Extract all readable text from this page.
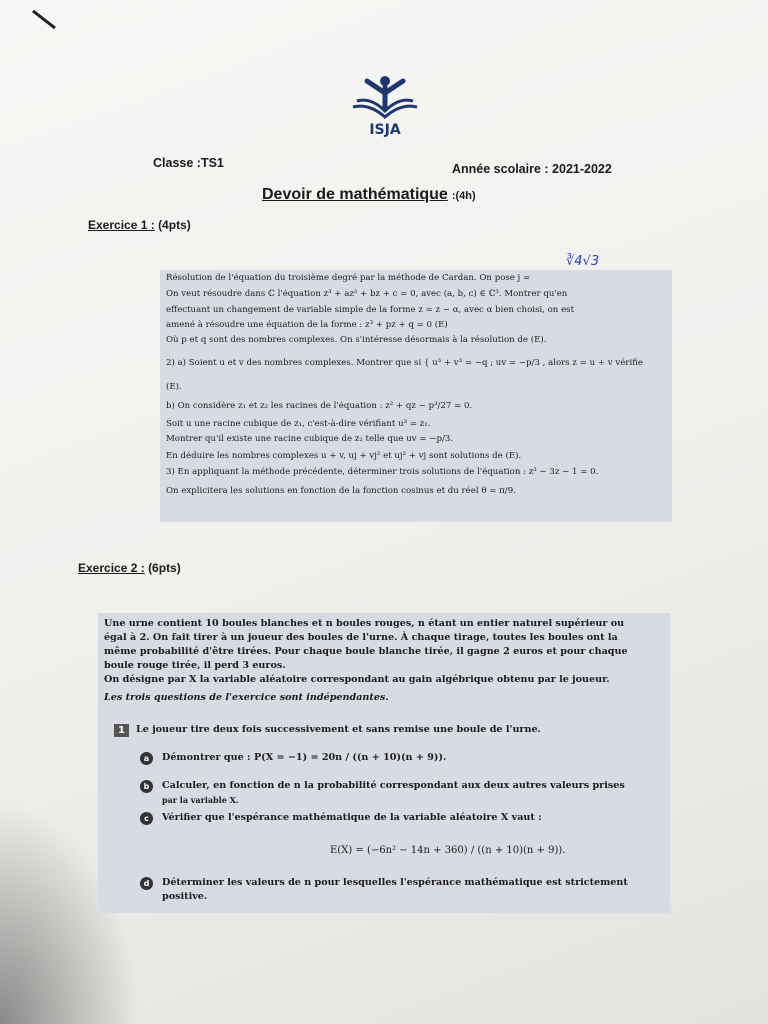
ISJA
Classe :TS1	Année scolaire : 2021-2022
Devoir de mathématique :(4h)
Exercice 1 : (4pts)
∛4√3
Résolution de l'équation du troisième degré par la méthode de Cardan. On pose j =
On veut résoudre dans ℂ l'équation z³ + az² + bz + c = 0, avec (a, b, c) ∈ ℂ³. Montrer qu'en
effectuant un changement de variable simple de la forme z = z − α, avec α bien choisi, on est
amené à résoudre une équation de la forme : z³ + pz + q = 0 (E)
Où p et q sont des nombres complexes. On s'intéresse désormais à la résolution de (E).
2) a) Soient u et v des nombres complexes. Montrer que si { u³ + v³ = −q ; uv = −p/3 , alors z = u + v vérifie
(E).
b) On considère z₁ et z₂ les racines de l'équation : z² + qz − p³/27 = 0.
Soit u une racine cubique de z₁, c'est-à-dire vérifiant u³ = z₁.
Montrer qu'il existe une racine cubique de z₂ telle que uv = −p/3.
En déduire les nombres complexes u + v, uj + vj² et uj² + vj sont solutions de (E).
3) En appliquant la méthode précédente, déterminer trois solutions de l'équation : z³ − 3z − 1 = 0.
On explicitera les solutions en fonction de la fonction cosinus et du réel θ = π/9.
Exercice 2 : (6pts)
Une urne contient 10 boules blanches et n boules rouges, n étant un entier naturel supérieur ou
égal à 2. On fait tirer à un joueur des boules de l'urne. À chaque tirage, toutes les boules ont la
même probabilité d'être tirées. Pour chaque boule blanche tirée, il gagne 2 euros et pour chaque
boule rouge tirée, il perd 3 euros.
On désigne par X la variable aléatoire correspondant au gain algébrique obtenu par le joueur.
Les trois questions de l'exercice sont indépendantes.
1	Le joueur tire deux fois successivement et sans remise une boule de l'urne.
a	Démontrer que : P(X = −1) = 20n / ((n + 10)(n + 9)).
b	Calculer, en fonction de n la probabilité correspondant aux deux autres valeurs prises
par la variable X.
c	Vérifier que l'espérance mathématique de la variable aléatoire X vaut :
E(X) = (−6n² − 14n + 360) / ((n + 10)(n + 9)).
d	Déterminer les valeurs de n pour lesquelles l'espérance mathématique est strictement
positive.
